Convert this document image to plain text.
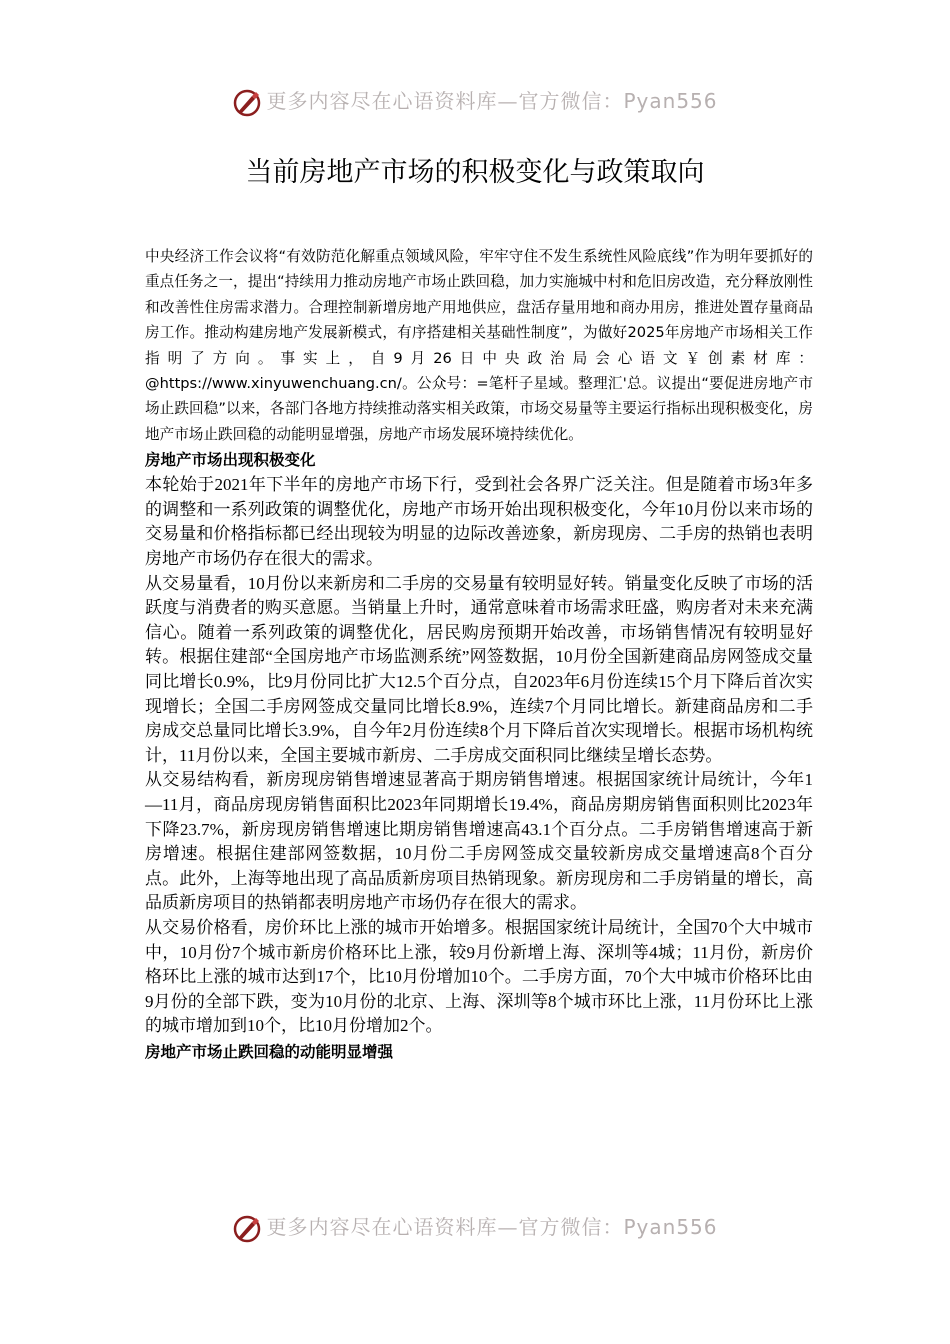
更多内容尽在心语资料库—官方微信：Pyan556
当前房地产市场的积极变化与政策取向

中央经济工作会议将“有效防范化解重点领域风险，牢牢守住不发生系统性风险底线”作为明年要抓好的重点任务之一，提出“持续用力推动房地产市场止跌回稳，加力实施城中村和危旧房改造，充分释放刚性和改善性住房需求潜力。合理控制新增房地产用地供应，盘活存量用地和商办用房，推进处置存量商品房工作。推动构建房地产发展新模式，有序搭建相关基础性制度”，为做好2025年房地产市场相关工作指明了方向。事实上，自9月26日中央政治局会心语文￥创素材库：@https://www.xinyuwenchuang.cn/。公众号：=笔杆子星域。整理汇'总。议提出“要促进房地产市场止跌回稳”以来，各部门各地方持续推动落实相关政策，市场交易量等主要运行指标出现积极变化，房地产市场止跌回稳的动能明显增强，房地产市场发展环境持续优化。

房地产市场出现积极变化

本轮始于2021年下半年的房地产市场下行，受到社会各界广泛关注。但是随着市场3年多的调整和一系列政策的调整优化，房地产市场开始出现积极变化，今年10月份以来市场的交易量和价格指标都已经出现较为明显的边际改善迹象，新房现房、二手房的热销也表明房地产市场仍存在很大的需求。

从交易量看，10月份以来新房和二手房的交易量有较明显好转。销量变化反映了市场的活跃度与消费者的购买意愿。当销量上升时，通常意味着市场需求旺盛，购房者对未来充满信心。随着一系列政策的调整优化，居民购房预期开始改善，市场销售情况有较明显好转。根据住建部“全国房地产市场监测系统”网签数据，10月份全国新建商品房网签成交量同比增长0.9%，比9月份同比扩大12.5个百分点，自2023年6月份连续15个月下降后首次实现增长；全国二手房网签成交量同比增长8.9%，连续7个月同比增长。新建商品房和二手房成交总量同比增长3.9%，自今年2月份连续8个月下降后首次实现增长。根据市场机构统计，11月份以来，全国主要城市新房、二手房成交面积同比继续呈增长态势。

从交易结构看，新房现房销售增速显著高于期房销售增速。根据国家统计局统计，今年1—11月，商品房现房销售面积比2023年同期增长19.4%，商品房期房销售面积则比2023年下降23.7%，新房现房销售增速比期房销售增速高43.1个百分点。二手房销售增速高于新房增速。根据住建部网签数据，10月份二手房网签成交量较新房成交量增速高8个百分点。此外，上海等地出现了高品质新房项目热销现象。新房现房和二手房销量的增长，高品质新房项目的热销都表明房地产市场仍存在很大的需求。

从交易价格看，房价环比上涨的城市开始增多。根据国家统计局统计，全国70个大中城市中，10月份7个城市新房价格环比上涨，较9月份新增上海、深圳等4城；11月份，新房价格环比上涨的城市达到17个，比10月份增加10个。二手房方面，70个大中城市价格环比由9月份的全部下跌，变为10月份的北京、上海、深圳等8个城市环比上涨，11月份环比上涨的城市增加到10个，比10月份增加2个。

房地产市场止跌回稳的动能明显增强

更多内容尽在心语资料库—官方微信：Pyan556
